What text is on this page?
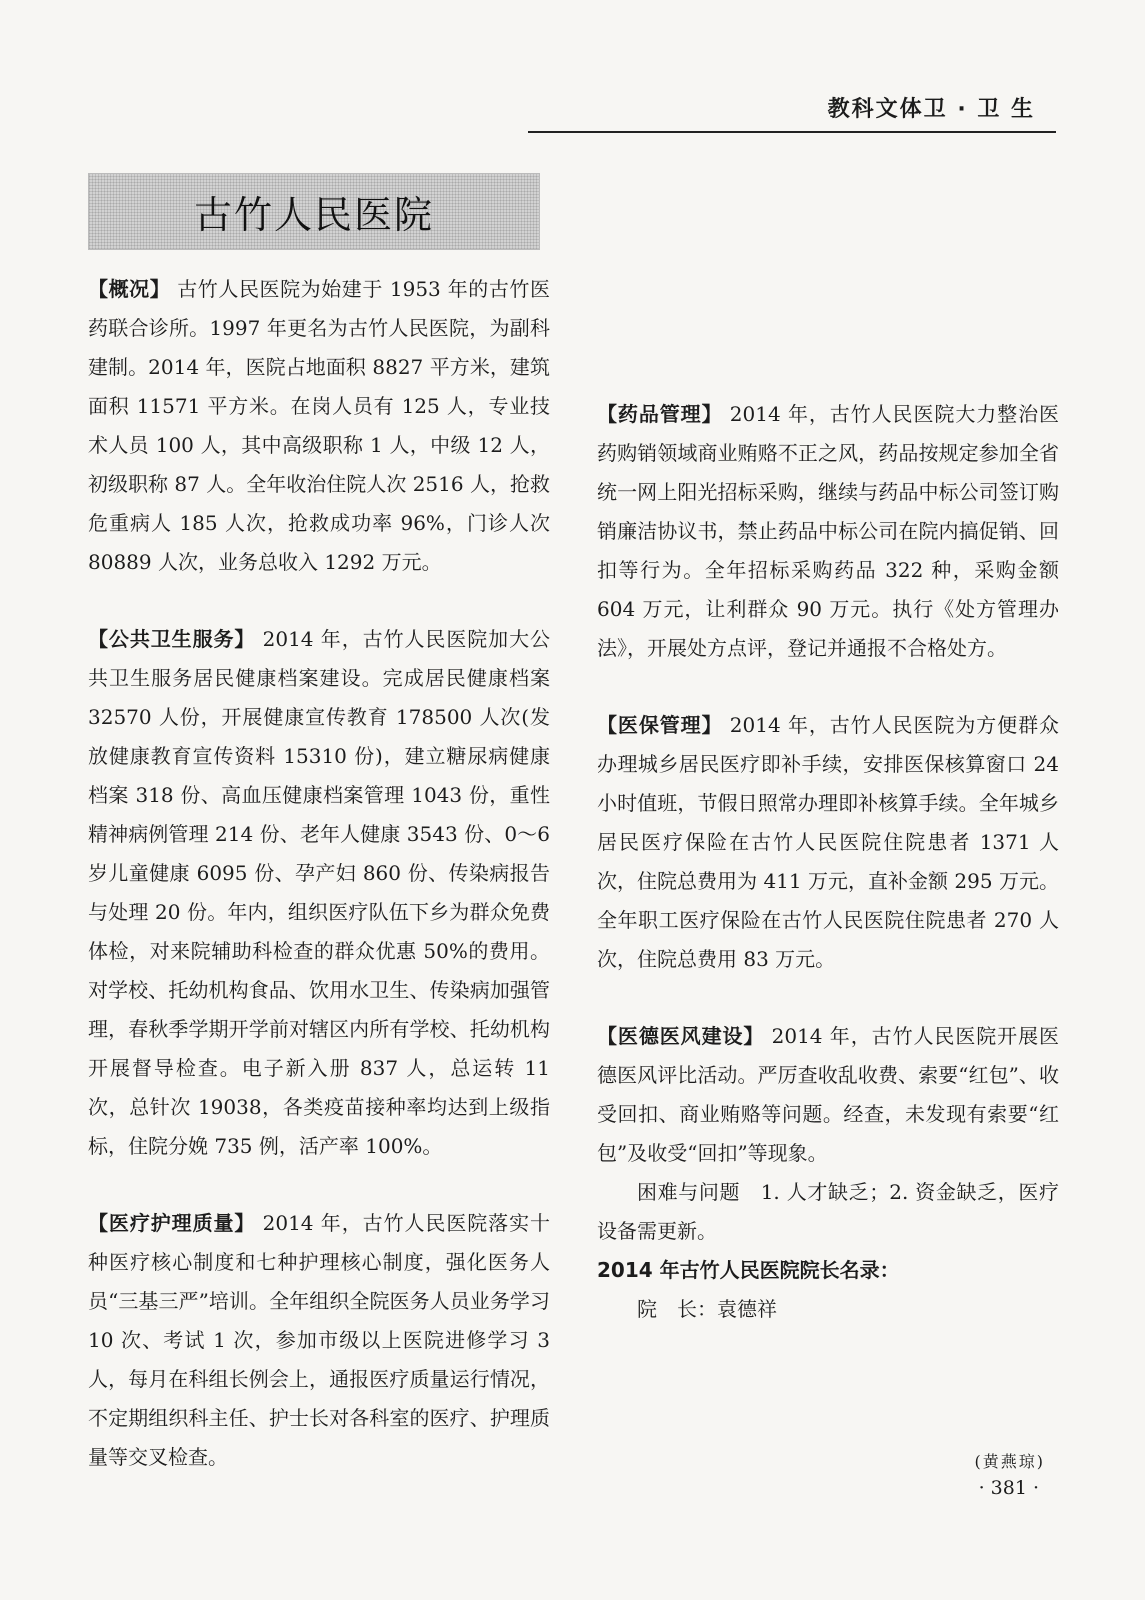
教科文体卫 · 卫 生
古竹人民医院

【概况】 古竹人民医院为始建于 1953 年的古竹医药联合诊所。1997 年更名为古竹人民医院，为副科建制。2014 年，医院占地面积 8827 平方米，建筑面积 11571 平方米。在岗人员有 125 人，专业技术人员 100 人，其中高级职称 1 人，中级 12 人，初级职称 87 人。全年收治住院人次 2516 人，抢救危重病人 185 人次，抢救成功率 96%，门诊人次 80889 人次，业务总收入 1292 万元。

【公共卫生服务】 2014 年，古竹人民医院加大公共卫生服务居民健康档案建设。完成居民健康档案 32570 人份，开展健康宣传教育 178500 人次(发放健康教育宣传资料 15310 份)，建立糖尿病健康档案 318 份、高血压健康档案管理 1043 份，重性精神病例管理 214 份、老年人健康 3543 份、0～6 岁儿童健康 6095 份、孕产妇 860 份、传染病报告与处理 20 份。年内，组织医疗队伍下乡为群众免费体检，对来院辅助科检查的群众优惠 50%的费用。对学校、托幼机构食品、饮用水卫生、传染病加强管理，春秋季学期开学前对辖区内所有学校、托幼机构开展督导检查。电子新入册 837 人，总运转 11 次，总针次 19038，各类疫苗接种率均达到上级指标，住院分娩 735 例，活产率 100%。

【医疗护理质量】 2014 年，古竹人民医院落实十种医疗核心制度和七种护理核心制度，强化医务人员“三基三严”培训。全年组织全院医务人员业务学习 10 次、考试 1 次，参加市级以上医院进修学习 3 人，每月在科组长例会上，通报医疗质量运行情况，不定期组织科主任、护士长对各科室的医疗、护理质量等交叉检查。

【药品管理】 2014 年，古竹人民医院大力整治医药购销领域商业贿赂不正之风，药品按规定参加全省统一网上阳光招标采购，继续与药品中标公司签订购销廉洁协议书，禁止药品中标公司在院内搞促销、回扣等行为。全年招标采购药品 322 种，采购金额 604 万元，让利群众 90 万元。执行《处方管理办法》，开展处方点评，登记并通报不合格处方。

【医保管理】 2014 年，古竹人民医院为方便群众办理城乡居民医疗即补手续，安排医保核算窗口 24 小时值班，节假日照常办理即补核算手续。全年城乡居民医疗保险在古竹人民医院住院患者 1371 人次，住院总费用为 411 万元，直补金额 295 万元。全年职工医疗保险在古竹人民医院住院患者 270 人次，住院总费用 83 万元。

【医德医风建设】 2014 年，古竹人民医院开展医德医风评比活动。严厉查收乱收费、索要“红包”、收受回扣、商业贿赂等问题。经查，未发现有索要“红包”及收受“回扣”等现象。

困难与问题　1. 人才缺乏；2. 资金缺乏，医疗设备需更新。

2014 年古竹人民医院院长名录：

院　长：袁德祥

(黄燕琼)
· 381 ·
